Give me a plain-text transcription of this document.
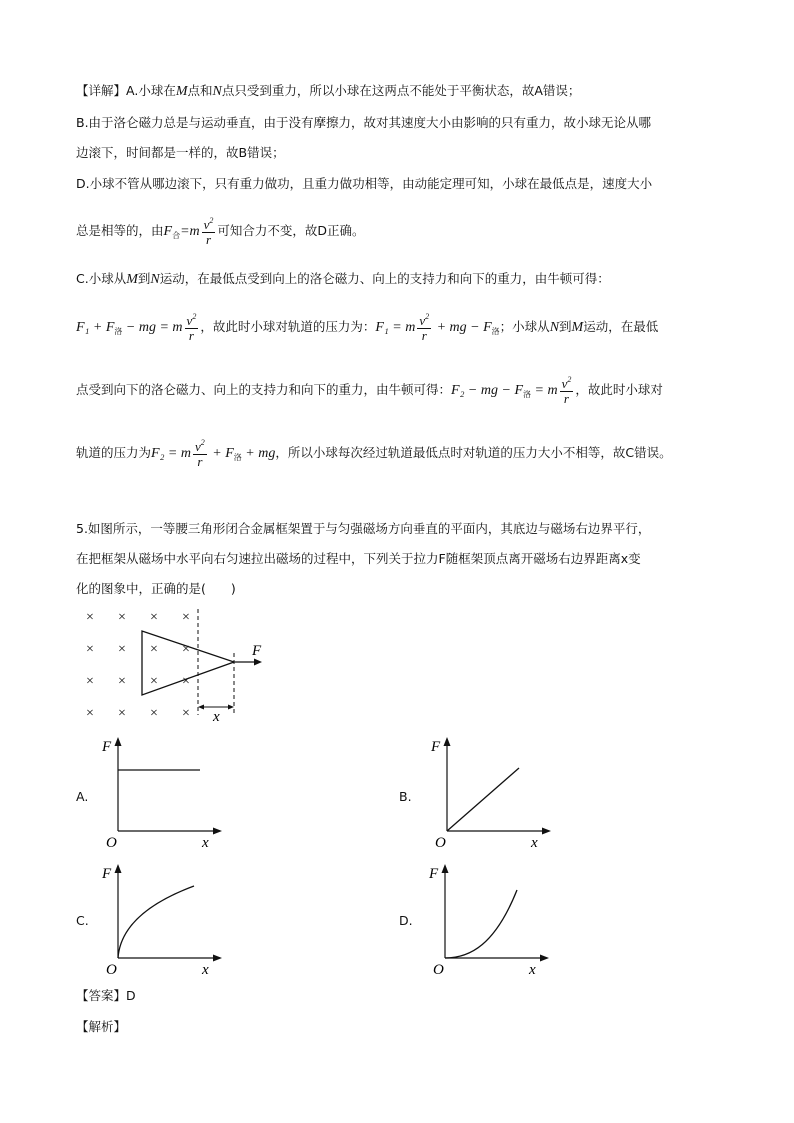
【详解】A.小球在M点和N点只受到重力，所以小球在这两点不能处于平衡状态，故A错误；
B.由于洛仑磁力总是与运动垂直，由于没有摩擦力，故对其速度大小由影响的只有重力，故小球无论从哪
边滚下，时间都是一样的，故B错误；
D.小球不管从哪边滚下，只有重力做功，且重力做功相等，由动能定理可知，小球在最低点是，速度大小
总是相等的，由$F_合=m \frac{v^2}{r}$ 可知合力不变，故D正确。
C.小球从M到N运动，在最低点受到向上的洛仑磁力、向上的支持力和向下的重力，由牛顿可得：
$F_1 + F_洛$ − mg = m $\frac{v^2}{r}$ ，故此时小球对轨道的压力为：F₁ = m $\frac{v^2}{r}$ + mg − $F_洛$；小球从N到M运动，在最低
点受到向下的洛仑磁力、向上的支持力和向下的重力，由牛顿可得：F₂ − mg − $F_洛 = m \frac{v^2}{r}$ ，故此时小球对
轨道的压力为F₂ = m $\frac{v^2}{r} + F_洛$ + mg，所以小球每次经过轨道最低点时对轨道的压力大小不相等，故C错误。
5.如图所示，一等腰三角形闭合金属框架置于与匀强磁场方向垂直的平面内，其底边与磁场右边界平行，
在把框架从磁场中水平向右匀速拉出磁场的过程中，下列关于拉力F随框架顶点离开磁场右边界距离x变
化的图象中，正确的是(　　)
× × × ×
× × × ×
× × × ×
× × × ×
F
x
A.
F
O	x
B.
F
O	x
C.
F
O	x
D.
F
O	x
【答案】D
【解析】
